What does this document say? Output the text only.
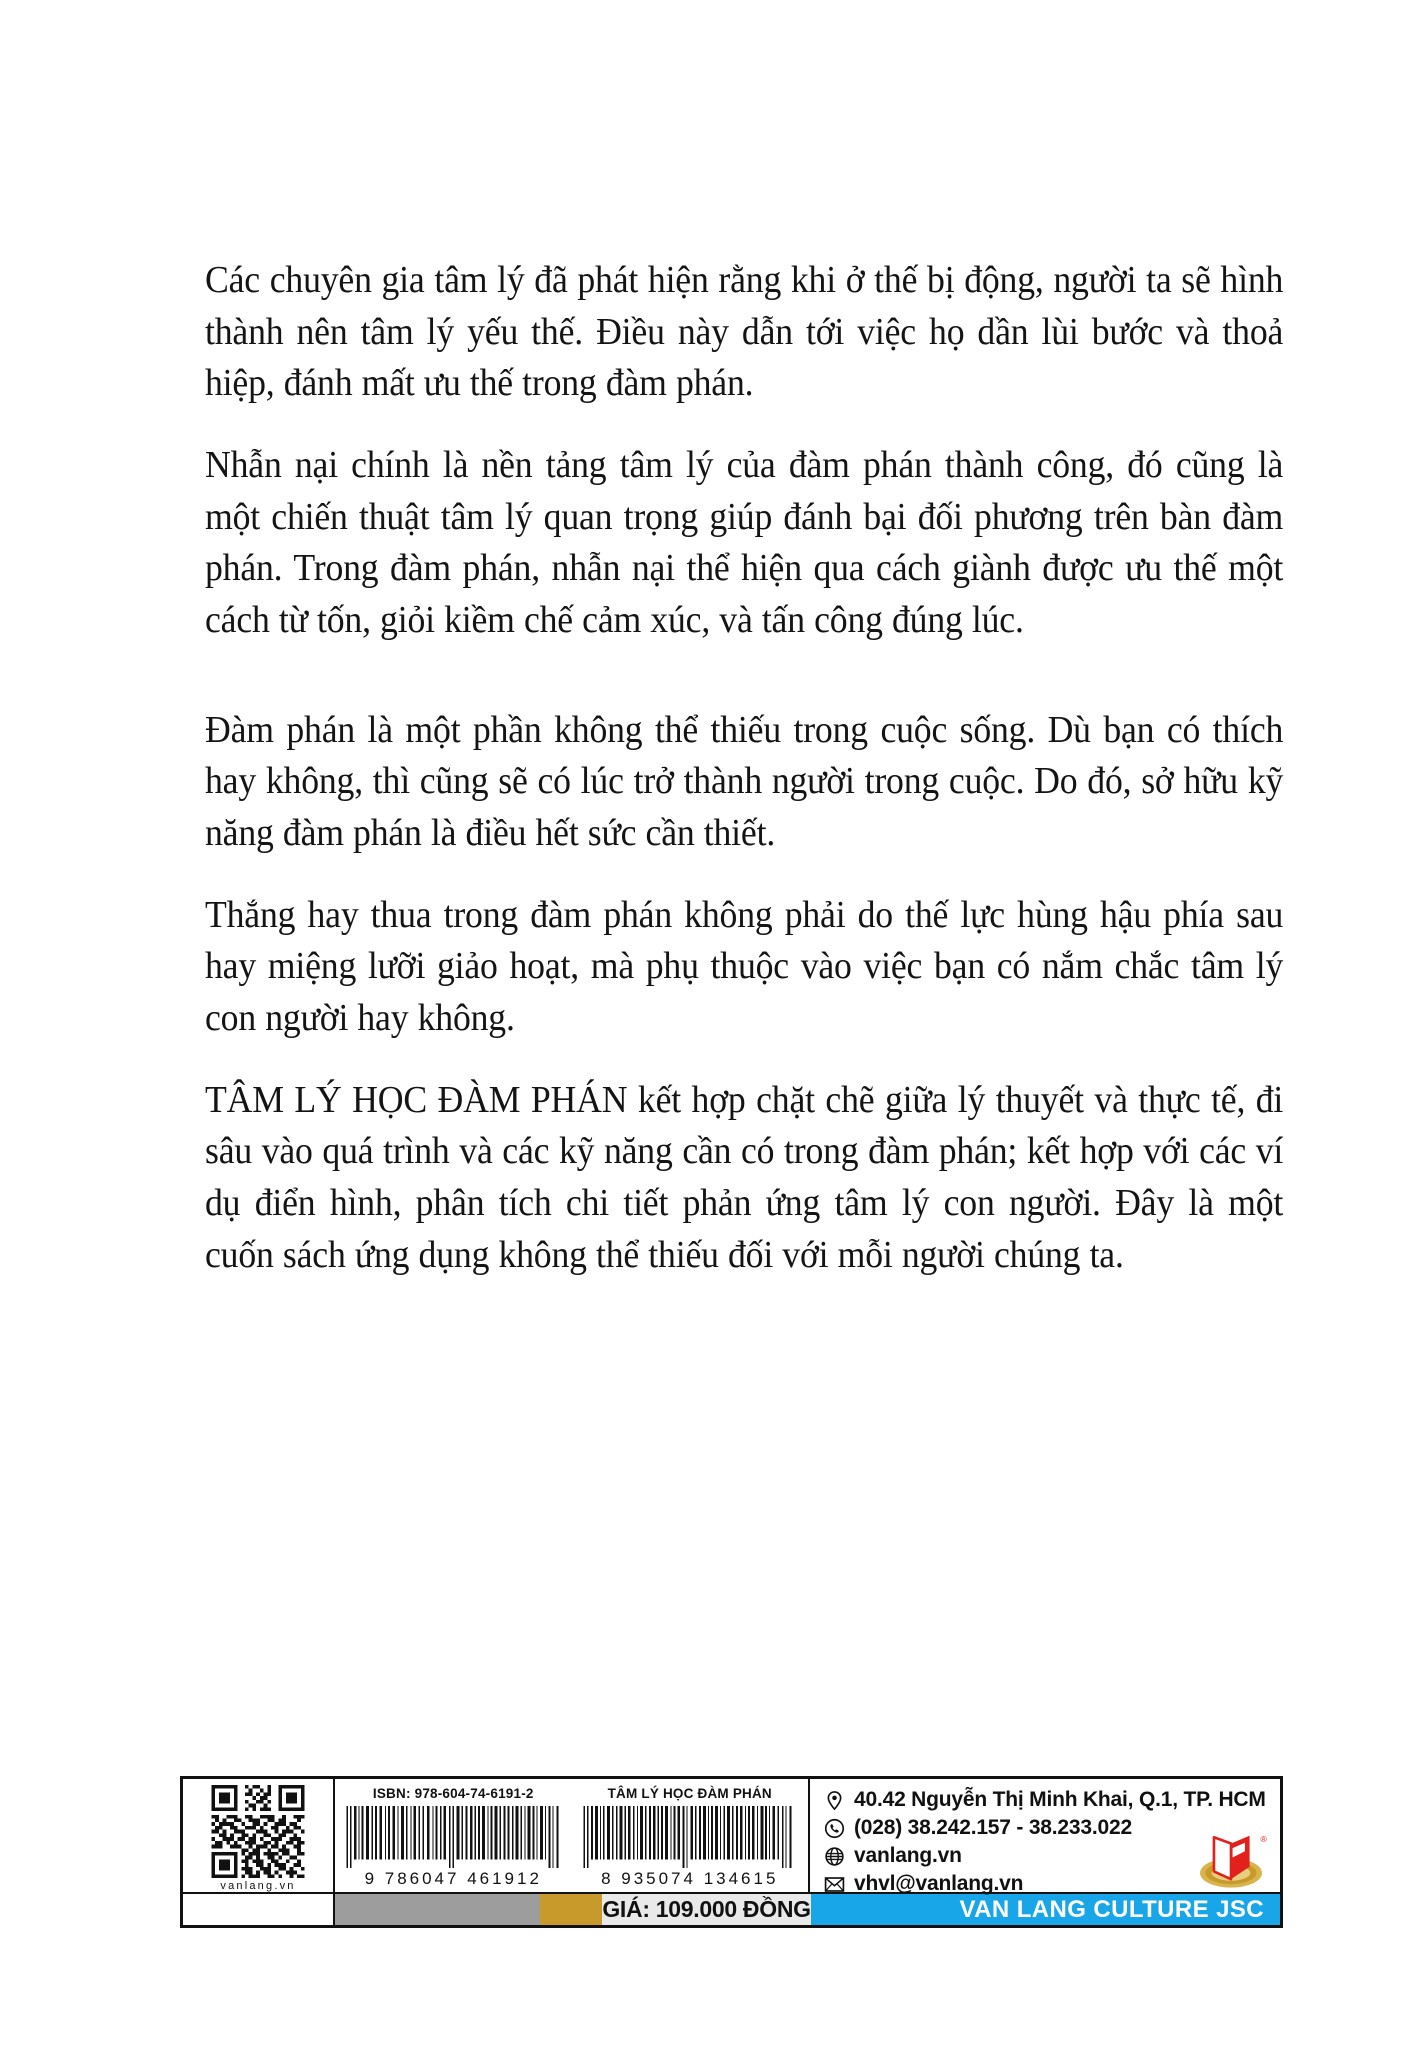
Các chuyên gia tâm lý đã phát hiện rằng khi ở thế bị động, người ta sẽ hình thành nên tâm lý yếu thế. Điều này dẫn tới việc họ dần lùi bước và thoả hiệp, đánh mất ưu thế trong đàm phán.

Nhẫn nại chính là nền tảng tâm lý của đàm phán thành công, đó cũng là một chiến thuật tâm lý quan trọng giúp đánh bại đối phương trên bàn đàm phán. Trong đàm phán, nhẫn nại thể hiện qua cách giành được ưu thế một cách từ tốn, giỏi kiềm chế cảm xúc, và tấn công đúng lúc.

Đàm phán là một phần không thể thiếu trong cuộc sống. Dù bạn có thích hay không, thì cũng sẽ có lúc trở thành người trong cuộc. Do đó, sở hữu kỹ năng đàm phán là điều hết sức cần thiết.

Thắng hay thua trong đàm phán không phải do thế lực hùng hậu phía sau hay miệng lưỡi giảo hoạt, mà phụ thuộc vào việc bạn có nắm chắc tâm lý con người hay không.

TÂM LÝ HỌC ĐÀM PHÁN kết hợp chặt chẽ giữa lý thuyết và thực tế, đi sâu vào quá trình và các kỹ năng cần có trong đàm phán; kết hợp với các ví dụ điển hình, phân tích chi tiết phản ứng tâm lý con người. Đây là một cuốn sách ứng dụng không thể thiếu đối với mỗi người chúng ta.

vanlang.vn
ISBN: 978-604-74-6191-2
9 786047 461912
TÂM LÝ HỌC ĐÀM PHÁN
8 935074 134615
40.42 Nguyễn Thị Minh Khai, Q.1, TP. HCM
(028) 38.242.157 - 38.233.022
vanlang.vn
vhvl@vanlang.vn
®
GIÁ: 109.000 ĐỒNG	VAN LANG CULTURE JSC
